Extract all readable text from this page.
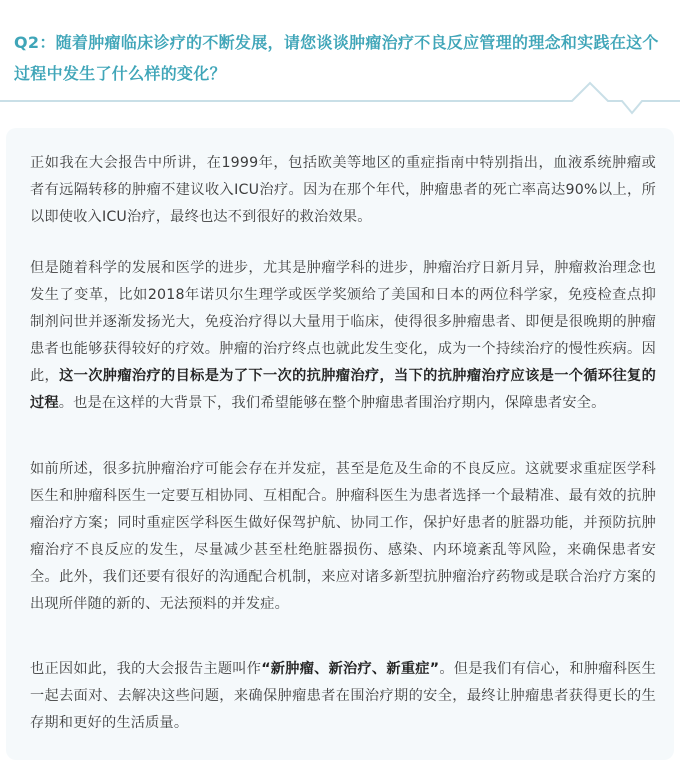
Q2：随着肿瘤临床诊疗的不断发展，请您谈谈肿瘤治疗不良反应管理的理念和实践在这个过程中发生了什么样的变化？

正如我在大会报告中所讲，在1999年，包括欧美等地区的重症指南中特别指出，血液系统肿瘤或者有远隔转移的肿瘤不建议收入ICU治疗。因为在那个年代，肿瘤患者的死亡率高达90%以上，所以即使收入ICU治疗，最终也达不到很好的救治效果。

但是随着科学的发展和医学的进步，尤其是肿瘤学科的进步，肿瘤治疗日新月异，肿瘤救治理念也发生了变革，比如2018年诺贝尔生理学或医学奖颁给了美国和日本的两位科学家，免疫检查点抑制剂问世并逐渐发扬光大，免疫治疗得以大量用于临床，使得很多肿瘤患者、即便是很晚期的肿瘤患者也能够获得较好的疗效。肿瘤的治疗终点也就此发生变化，成为一个持续治疗的慢性疾病。因此，这一次肿瘤治疗的目标是为了下一次的抗肿瘤治疗，当下的抗肿瘤治疗应该是一个循环往复的过程。也是在这样的大背景下，我们希望能够在整个肿瘤患者围治疗期内，保障患者安全。

如前所述，很多抗肿瘤治疗可能会存在并发症，甚至是危及生命的不良反应。这就要求重症医学科医生和肿瘤科医生一定要互相协同、互相配合。肿瘤科医生为患者选择一个最精准、最有效的抗肿瘤治疗方案；同时重症医学科医生做好保驾护航、协同工作，保护好患者的脏器功能，并预防抗肿瘤治疗不良反应的发生，尽量减少甚至杜绝脏器损伤、感染、内环境紊乱等风险，来确保患者安全。此外，我们还要有很好的沟通配合机制，来应对诸多新型抗肿瘤治疗药物或是联合治疗方案的出现所伴随的新的、无法预料的并发症。

也正因如此，我的大会报告主题叫作“新肿瘤、新治疗、新重症”。但是我们有信心，和肿瘤科医生一起去面对、去解决这些问题，来确保肿瘤患者在围治疗期的安全，最终让肿瘤患者获得更长的生存期和更好的生活质量。
